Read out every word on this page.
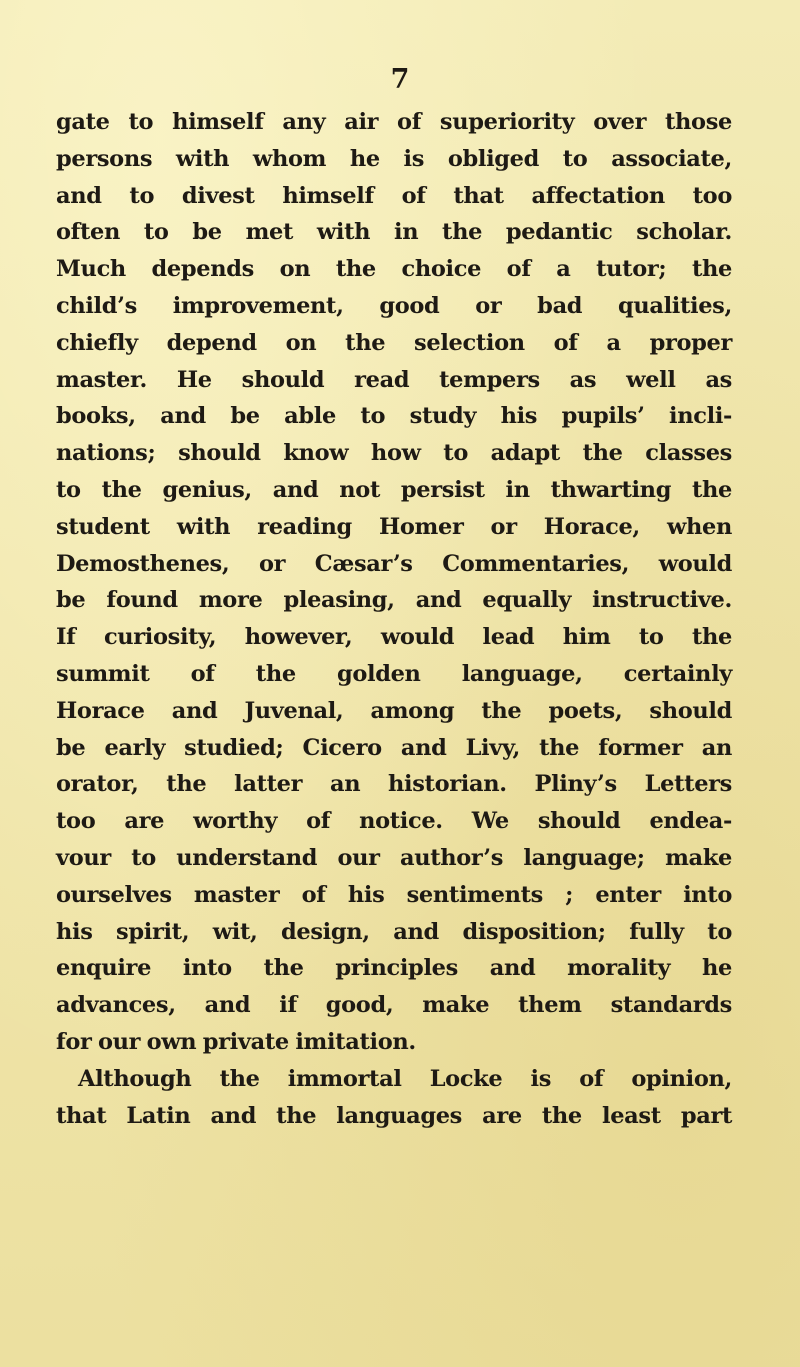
7
gate to himself any air of superiority over those
persons with whom he is obliged to associate,
and to divest himself of that affectation too
often to be met with in the pedantic scholar.
Much depends on the choice of a tutor; the
child’s improvement, good or bad qualities,
chiefly depend on the selection of a proper
master. He should read tempers as well as
books, and be able to study his pupils’ incli-
nations; should know how to adapt the classes
to the genius, and not persist in thwarting the
student with reading Homer or Horace, when
Demosthenes, or Cæsar’s Commentaries, would
be found more pleasing, and equally instructive.
If curiosity, however, would lead him to the
summit of the golden language, certainly
Horace and Juvenal, among the poets, should
be early studied; Cicero and Livy, the former an
orator, the latter an historian. Pliny’s Letters
too are worthy of notice. We should endea-
vour to understand our author’s language; make
ourselves master of his sentiments ; enter into
his spirit, wit, design, and disposition; fully to
enquire into the principles and morality he
advances, and if good, make them standards
for our own private imitation.
Although the immortal Locke is of opinion,
that Latin and the languages are the least part
